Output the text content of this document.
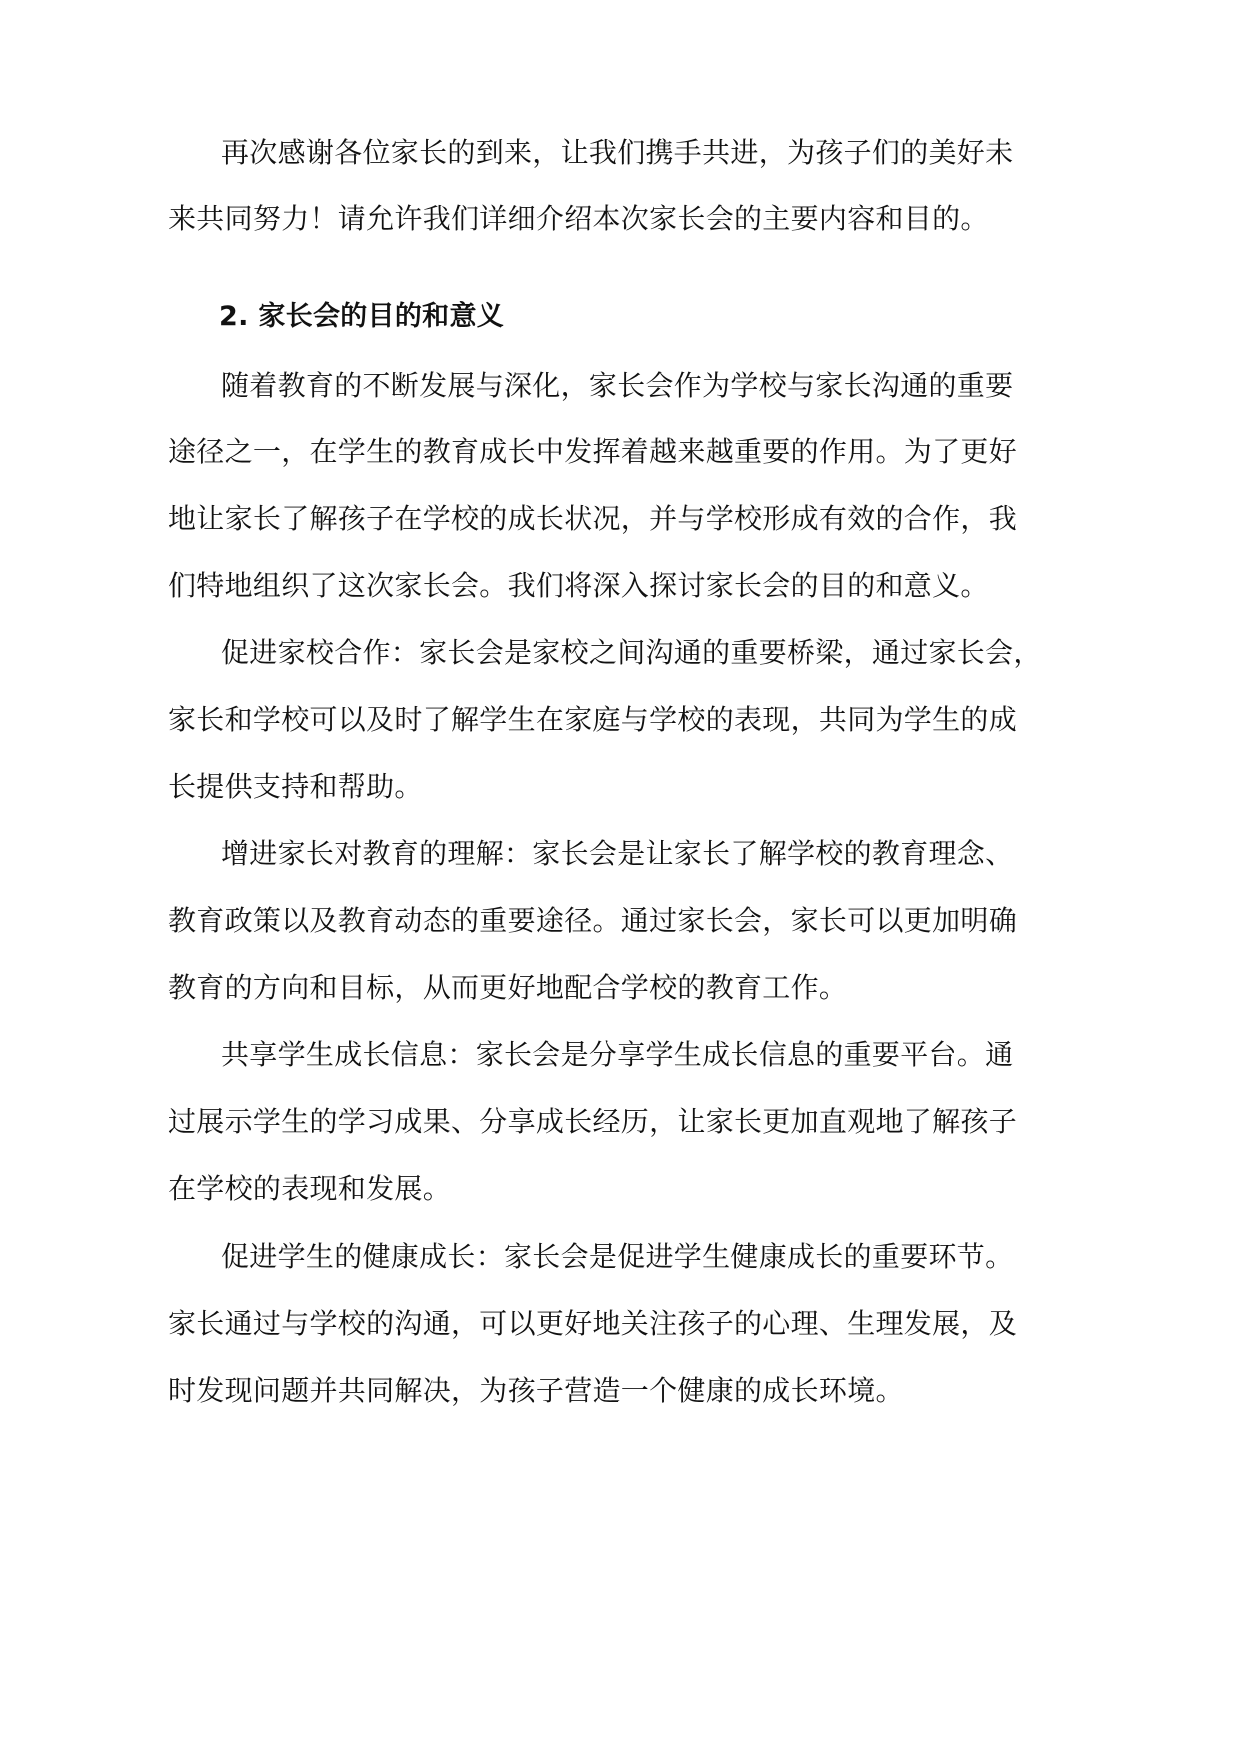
再次感谢各位家长的到来，让我们携手共进，为孩子们的美好未
来共同努力！请允许我们详细介绍本次家长会的主要内容和目的。
2. 家长会的目的和意义
随着教育的不断发展与深化，家长会作为学校与家长沟通的重要
途径之一，在学生的教育成长中发挥着越来越重要的作用。为了更好
地让家长了解孩子在学校的成长状况，并与学校形成有效的合作，我
们特地组织了这次家长会。我们将深入探讨家长会的目的和意义。
促进家校合作：家长会是家校之间沟通的重要桥梁，通过家长会，
家长和学校可以及时了解学生在家庭与学校的表现，共同为学生的成
长提供支持和帮助。
增进家长对教育的理解：家长会是让家长了解学校的教育理念、
教育政策以及教育动态的重要途径。通过家长会，家长可以更加明确
教育的方向和目标，从而更好地配合学校的教育工作。
共享学生成长信息：家长会是分享学生成长信息的重要平台。通
过展示学生的学习成果、分享成长经历，让家长更加直观地了解孩子
在学校的表现和发展。
促进学生的健康成长：家长会是促进学生健康成长的重要环节。
家长通过与学校的沟通，可以更好地关注孩子的心理、生理发展，及
时发现问题并共同解决，为孩子营造一个健康的成长环境。
